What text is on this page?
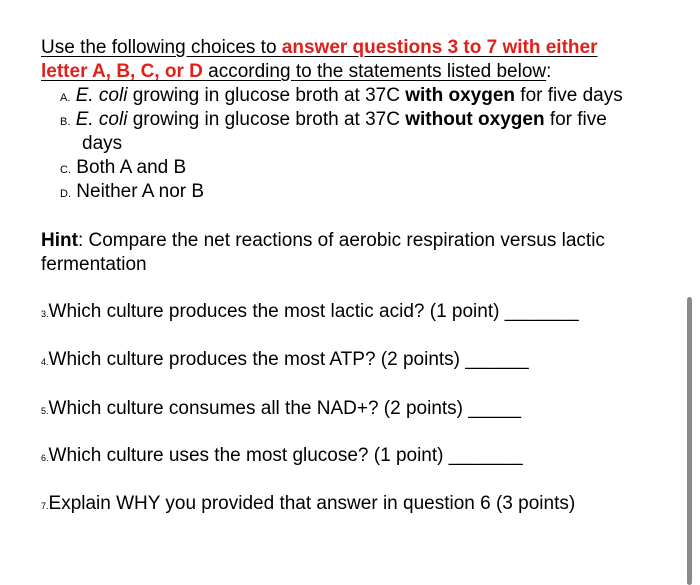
Use the following choices to answer questions 3 to 7 with either
letter A, B, C, or D according to the statements listed below:
A. E. coli growing in glucose broth at 37C with oxygen for five days
B. E. coli growing in glucose broth at 37C without oxygen for five
days
C. Both A and B
D. Neither A nor B
Hint: Compare the net reactions of aerobic respiration versus lactic
fermentation
3.Which culture produces the most lactic acid? (1 point) _______
4.Which culture produces the most ATP? (2 points) ______
5.Which culture consumes all the NAD+? (2 points) _____
6.Which culture uses the most glucose? (1 point) _______
7.Explain WHY you provided that answer in question 6 (3 points)
